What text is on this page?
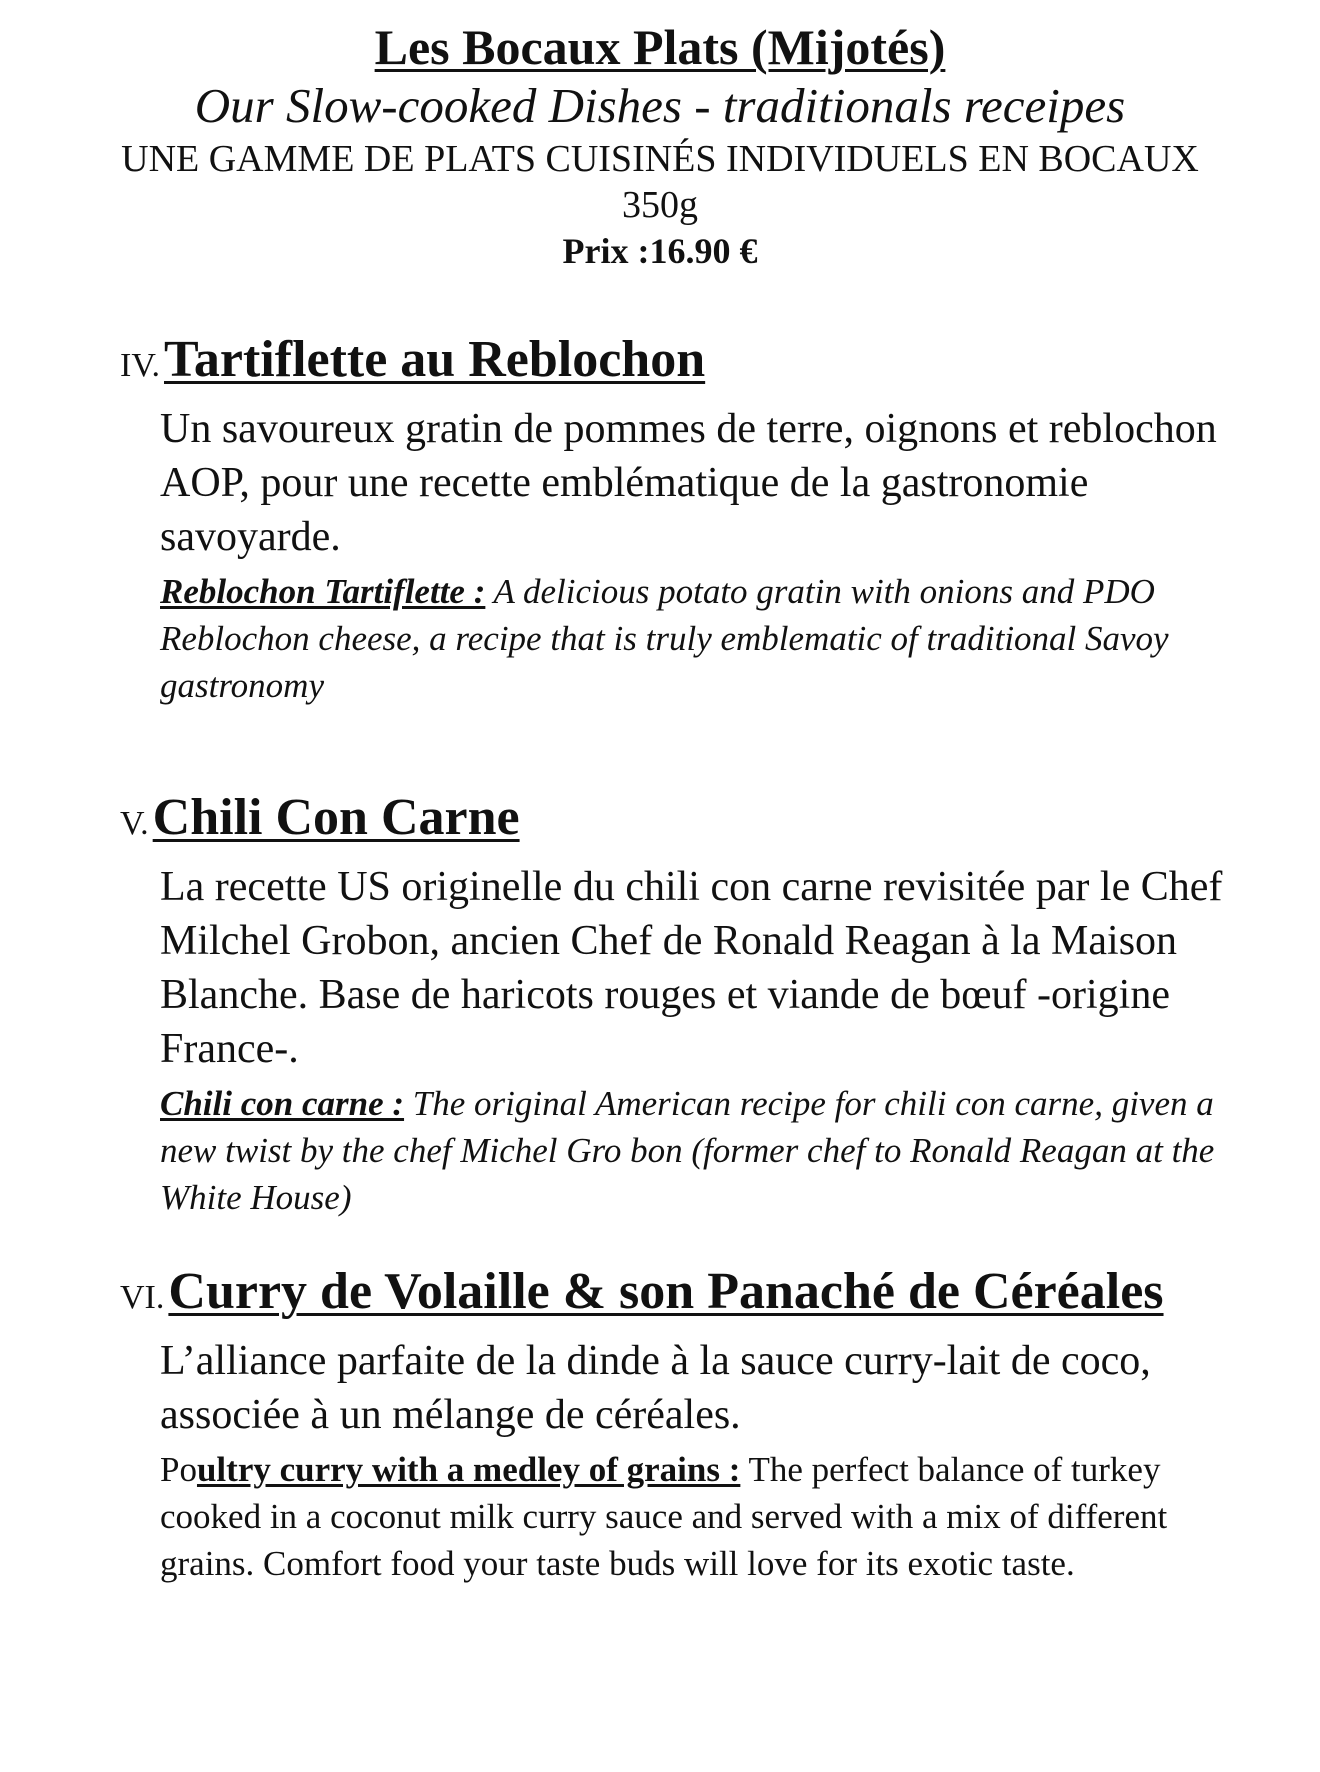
Les Bocaux Plats (Mijotés)

Our Slow-cooked Dishes - traditionals receipes

UNE GAMME DE PLATS CUISINÉS INDIVIDUELS EN BOCAUX

350g

Prix :16.90 €

IV. Tartiflette au Reblochon

Un savoureux gratin de pommes de terre, oignons et reblochon AOP, pour une recette emblématique de la gastronomie savoyarde.

Reblochon Tartiflette : A delicious potato gratin with onions and PDO Reblochon cheese, a recipe that is truly emblematic of traditional Savoy gastronomy

V. Chili Con Carne

La recette US originelle du chili con carne revisitée par le Chef Milchel Grobon, ancien Chef de Ronald Reagan à la Maison Blanche. Base de haricots rouges et viande de bœuf -origine France-.

Chili con carne : The original American recipe for chili con carne, given a new twist by the chef Michel Gro bon (former chef to Ronald Reagan at the White House)

VI. Curry de Volaille & son Panaché de Céréales

L’alliance parfaite de la dinde à la sauce curry-lait de coco, associée à un mélange de céréales.

Poultry curry with a medley of grains : The perfect balance of turkey cooked in a coconut milk curry sauce and served with a mix of different grains. Comfort food your taste buds will love for its exotic taste.
